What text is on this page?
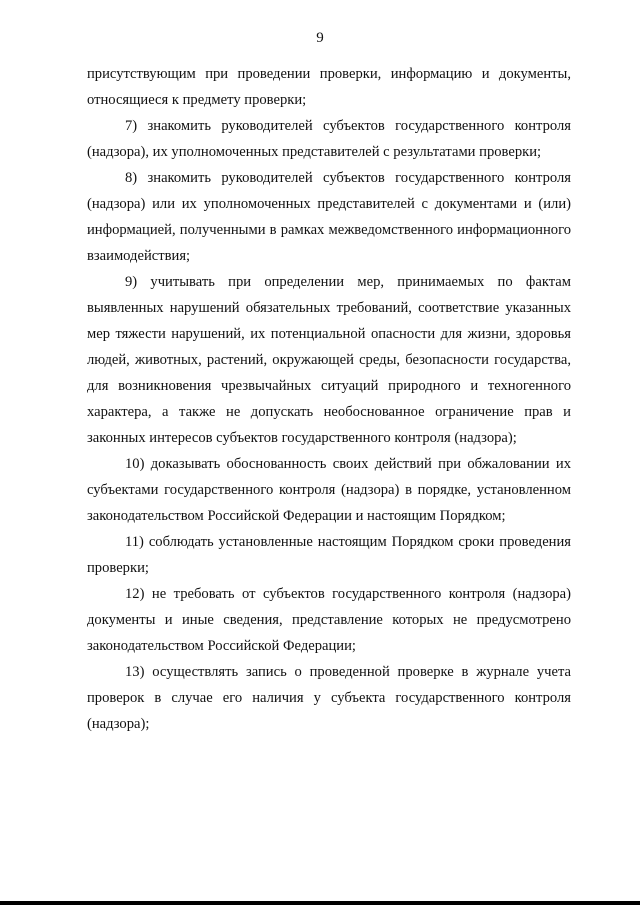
9

присутствующим при проведении проверки, информацию и документы, относящиеся к предмету проверки;

7) знакомить руководителей субъектов государственного контроля (надзора), их уполномоченных представителей с результатами проверки;

8) знакомить руководителей субъектов государственного контроля (надзора) или их уполномоченных представителей с документами и (или) информацией, полученными в рамках межведомственного информационного взаимодействия;

9) учитывать при определении мер, принимаемых по фактам выявленных нарушений обязательных требований, соответствие указанных мер тяжести нарушений, их потенциальной опасности для жизни, здоровья людей, животных, растений, окружающей среды, безопасности государства, для возникновения чрезвычайных ситуаций природного и техногенного характера, а также не допускать необоснованное ограничение прав и законных интересов субъектов государственного контроля (надзора);

10) доказывать обоснованность своих действий при обжаловании их субъектами государственного контроля (надзора) в порядке, установленном законодательством Российской Федерации и настоящим Порядком;

11) соблюдать установленные настоящим Порядком сроки проведения проверки;

12) не требовать от субъектов государственного контроля (надзора) документы и иные сведения, представление которых не предусмотрено законодательством Российской Федерации;

13) осуществлять запись о проведенной проверке в журнале учета проверок в случае его наличия у субъекта государственного контроля (надзора);
